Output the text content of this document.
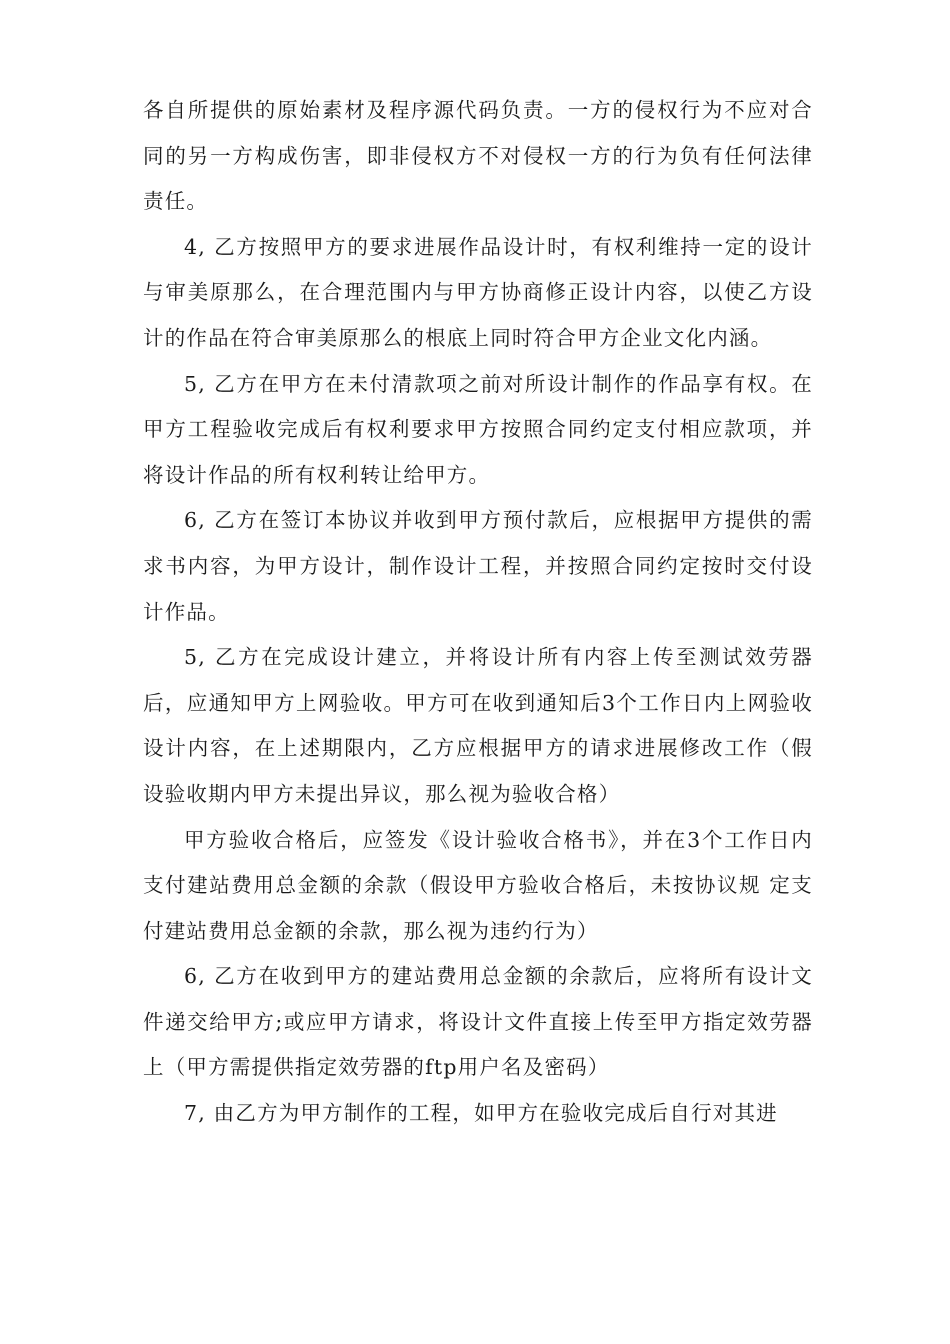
各自所提供的原始素材及程序源代码负责。一方的侵权行为不应对合同的另一方构成伤害，即非侵权方不对侵权一方的行为负有任何法律责任。

4, 乙方按照甲方的要求进展作品设计时，有权利维持一定的设计与审美原那么，在合理范围内与甲方协商修正设计内容，以使乙方设计的作品在符合审美原那么的根底上同时符合甲方企业文化内涵。

5, 乙方在甲方在未付清款项之前对所设计制作的作品享有权。在甲方工程验收完成后有权利要求甲方按照合同约定支付相应款项，并将设计作品的所有权利转让给甲方。

6, 乙方在签订本协议并收到甲方预付款后，应根据甲方提供的需求书内容，为甲方设计，制作设计工程，并按照合同约定按时交付设计作品。

5, 乙方在完成设计建立，并将设计所有内容上传至测试效劳器后，应通知甲方上网验收。甲方可在收到通知后3个工作日内上网验收设计内容，在上述期限内，乙方应根据甲方的请求进展修改工作（假设验收期内甲方未提出异议，那么视为验收合格）

甲方验收合格后，应签发《设计验收合格书》，并在3个工作日内支付建站费用总金额的余款（假设甲方验收合格后，未按协议规 定支付建站费用总金额的余款，那么视为违约行为）

6, 乙方在收到甲方的建站费用总金额的余款后，应将所有设计文件递交给甲方;或应甲方请求，将设计文件直接上传至甲方指定效劳器上（甲方需提供指定效劳器的ftp用户名及密码）

7, 由乙方为甲方制作的工程，如甲方在验收完成后自行对其进
